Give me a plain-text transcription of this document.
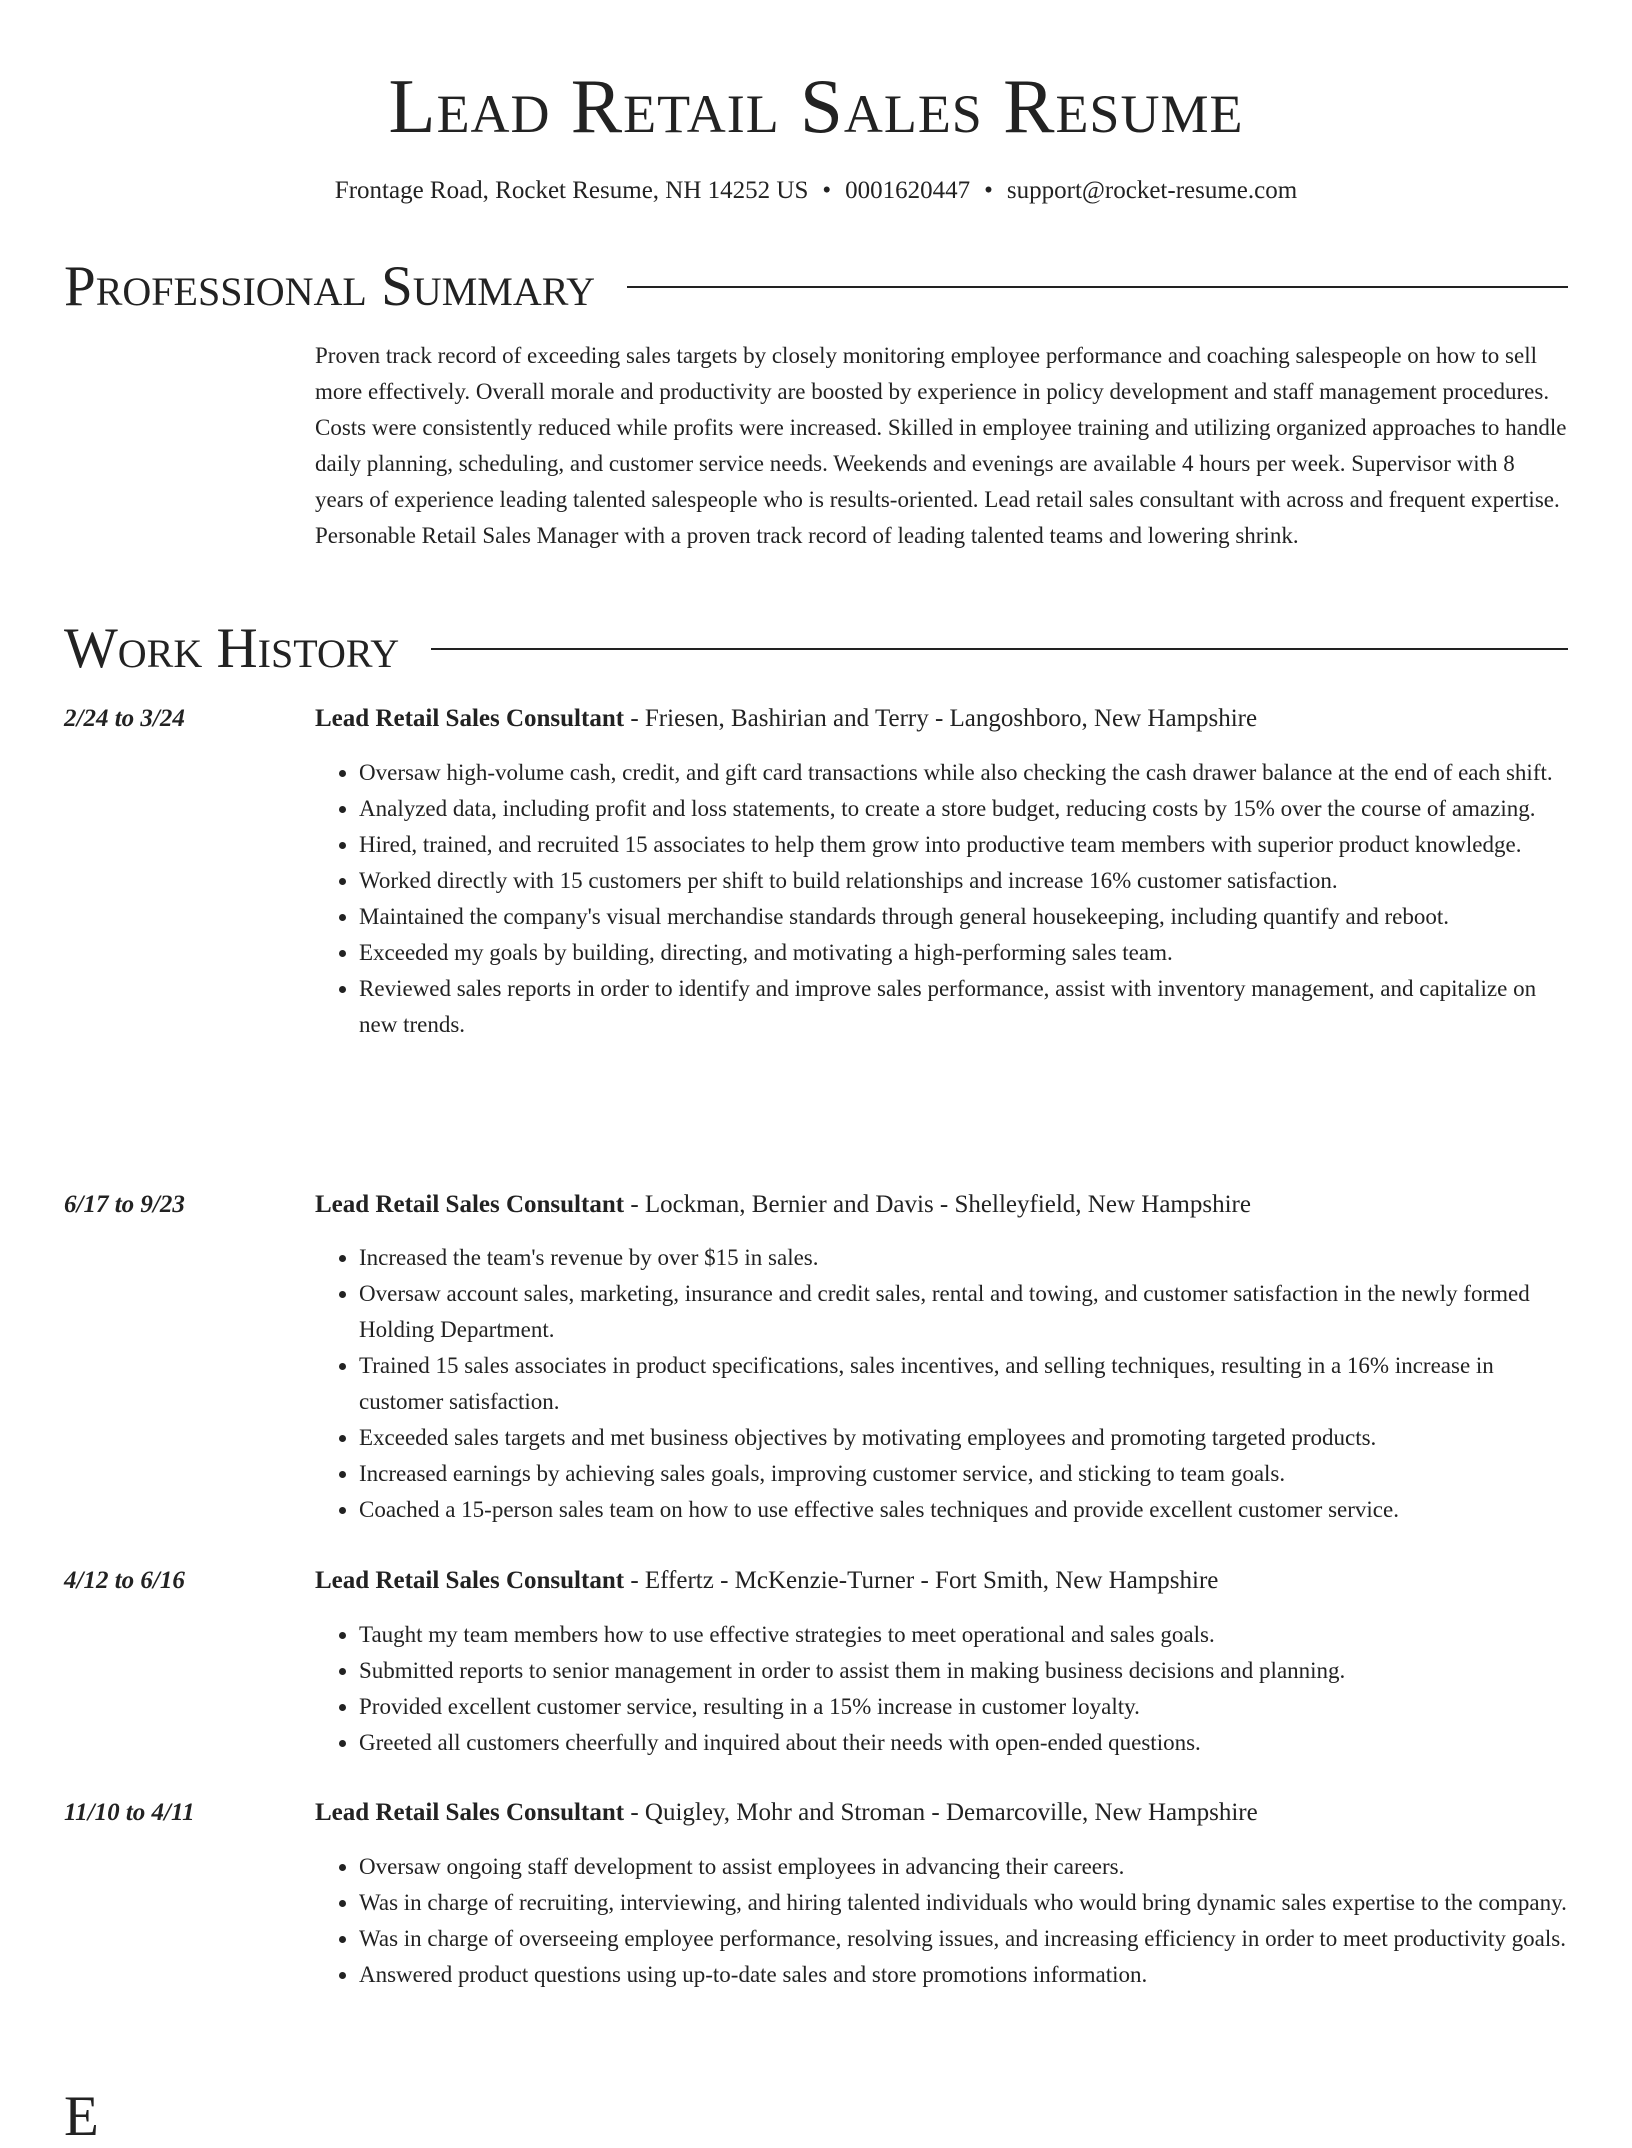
Lead Retail Sales Resume
Frontage Road, Rocket Resume, NH 14252 US • 0001620447 • support@rocket-resume.com
Professional Summary

Proven track record of exceeding sales targets by closely monitoring employee performance and coaching salespeople on how to sell more effectively. Overall morale and productivity are boosted by experience in policy development and staff management procedures. Costs were consistently reduced while profits were increased. Skilled in employee training and utilizing organized approaches to handle daily planning, scheduling, and customer service needs. Weekends and evenings are available 4 hours per week. Supervisor with 8 years of experience leading talented salespeople who is results-oriented. Lead retail sales consultant with across and frequent expertise. Personable Retail Sales Manager with a proven track record of leading talented teams and lowering shrink.

Work History
2/24 to 3/24	Lead Retail Sales Consultant - Friesen, Bashirian and Terry - Langoshboro, New Hampshire
• Oversaw high-volume cash, credit, and gift card transactions while also checking the cash drawer balance at the end of each shift.
• Analyzed data, including profit and loss statements, to create a store budget, reducing costs by 15% over the course of amazing.
• Hired, trained, and recruited 15 associates to help them grow into productive team members with superior product knowledge.
• Worked directly with 15 customers per shift to build relationships and increase 16% customer satisfaction.
• Maintained the company's visual merchandise standards through general housekeeping, including quantify and reboot.
• Exceeded my goals by building, directing, and motivating a high-performing sales team.
• Reviewed sales reports in order to identify and improve sales performance, assist with inventory management, and capitalize on new trends.
6/17 to 9/23	Lead Retail Sales Consultant - Lockman, Bernier and Davis - Shelleyfield, New Hampshire
• Increased the team's revenue by over $15 in sales.
• Oversaw account sales, marketing, insurance and credit sales, rental and towing, and customer satisfaction in the newly formed Holding Department.
• Trained 15 sales associates in product specifications, sales incentives, and selling techniques, resulting in a 16% increase in customer satisfaction.
• Exceeded sales targets and met business objectives by motivating employees and promoting targeted products.
• Increased earnings by achieving sales goals, improving customer service, and sticking to team goals.
• Coached a 15-person sales team on how to use effective sales techniques and provide excellent customer service.
4/12 to 6/16	Lead Retail Sales Consultant - Effertz - McKenzie-Turner - Fort Smith, New Hampshire
• Taught my team members how to use effective strategies to meet operational and sales goals.
• Submitted reports to senior management in order to assist them in making business decisions and planning.
• Provided excellent customer service, resulting in a 15% increase in customer loyalty.
• Greeted all customers cheerfully and inquired about their needs with open-ended questions.
11/10 to 4/11	Lead Retail Sales Consultant - Quigley, Mohr and Stroman - Demarcoville, New Hampshire
• Oversaw ongoing staff development to assist employees in advancing their careers.
• Was in charge of recruiting, interviewing, and hiring talented individuals who would bring dynamic sales expertise to the company.
• Was in charge of overseeing employee performance, resolving issues, and increasing efficiency in order to meet productivity goals.
• Answered product questions using up-to-date sales and store promotions information.
E
